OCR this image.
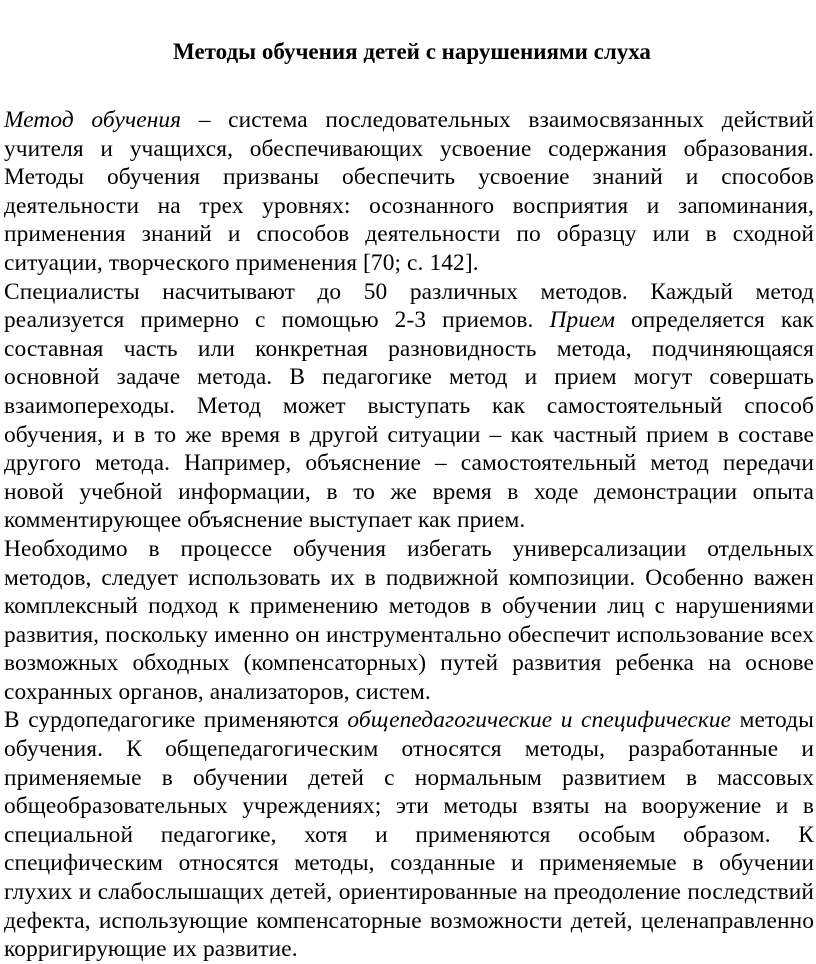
Методы обучения детей с нарушениями слуха

Метод обучения – система последовательных взаимосвязанных действий учителя и учащихся, обеспечивающих усвоение содержания образования. Методы обучения призваны обеспечить усвоение знаний и способов деятельности на трех уровнях: осознанного восприятия и запоминания, применения знаний и способов деятельности по образцу или в сходной ситуации, творческого применения [70; с. 142].

Специалисты насчитывают до 50 различных методов. Каждый метод реализуется примерно с помощью 2-3 приемов. Прием определяется как составная часть или конкретная разновидность метода, подчиняющаяся основной задаче метода. В педагогике метод и прием могут совершать взаимопереходы. Метод может выступать как самостоятельный способ обучения, и в то же время в другой ситуации – как частный прием в составе другого метода. Например, объяснение – самостоятельный метод передачи новой учебной информации, в то же время в ходе демонстрации опыта комментирующее объяснение выступает как прием.

Необходимо в процессе обучения избегать универсализации отдельных методов, следует использовать их в подвижной композиции. Особенно важен комплексный подход к применению методов в обучении лиц с нарушениями развития, поскольку именно он инструментально обеспечит использование всех возможных обходных (компенсаторных) путей развития ребенка на основе сохранных органов, анализаторов, систем.

В сурдопедагогике применяются общепедагогические и специфические методы обучения. К общепедагогическим относятся методы, разработанные и применяемые в обучении детей с нормальным развитием в массовых общеобразовательных учреждениях; эти методы взяты на вооружение и в специальной педагогике, хотя и применяются особым образом. К специфическим относятся методы, созданные и применяемые в обучении глухих и слабослышащих детей, ориентированные на преодоление последствий дефекта, использующие компенсаторные возможности детей, целенаправленно корригирующие их развитие.
